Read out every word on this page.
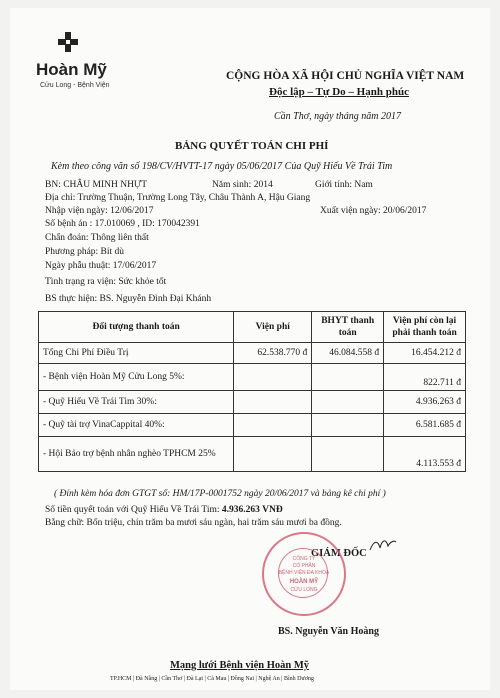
Hoàn Mỹ
Cửu Long - Bệnh Viện
CỘNG HÒA XÃ HỘI CHỦ NGHĨA VIỆT NAM
Độc lập – Tự Do – Hạnh phúc
Cần Thơ, ngày tháng năm 2017
BẢNG QUYẾT TOÁN CHI PHÍ
Kèm theo công văn số 198/CV/HVTT-17 ngày 05/06/2017 Của Quỹ Hiếu Về Trái Tim
BN: CHÂU MINH NHỰT	Năm sinh: 2014	Giới tính: Nam
Địa chỉ: Trường Thuận, Trường Long Tây, Châu Thành A, Hậu Giang
Nhập viện ngày: 12/06/2017	Xuất viện ngày: 20/06/2017
Số bệnh án : 17.010069 , ID: 170042391
Chẩn đoán: Thông liên thất
Phương pháp: Bít dù
Ngày phẫu thuật: 17/06/2017
Tình trạng ra viện: Sức khỏe tốt
BS thực hiện: BS. Nguyễn Đình Đại Khánh
Đối tượng thanh toán	Viện phí	BHYT thanh toán	Viện phí còn lại phải thanh toán
Tổng Chi Phí Điều Trị	62.538.770 đ	46.084.558 đ	16.454.212 đ
- Bệnh viện Hoàn Mỹ Cửu Long 5%:			822.711 đ
- Quỹ Hiếu Về Trái Tim 30%:			4.936.263 đ
- Quỹ tài trợ VinaCappital 40%:			6.581.685 đ
- Hội Bảo trợ bệnh nhân nghèo TPHCM 25%			4.113.553 đ
( Đính kèm hóa đơn GTGT số: HM/17P-0001752 ngày 20/06/2017 và bảng kê chi phí )
Số tiền quyết toán với Quỹ Hiếu Về Trái Tim: 4.936.263 VNĐ
Bằng chữ: Bốn triệu, chín trăm ba mươi sáu ngàn, hai trăm sáu mươi ba đồng.
GIÁM ĐỐC
CÔNG TY
CỔ PHẦN
BỆNH VIỆN ĐA KHOA
HOÀN MỸ
CỬU LONG
BS. Nguyễn Văn Hoàng
Mạng lưới Bệnh viện Hoàn Mỹ
TP.HCM | Đà Nẵng | Cần Thơ | Đà Lạt | Cà Mau | Đồng Nai | Nghệ An | Bình Dương
